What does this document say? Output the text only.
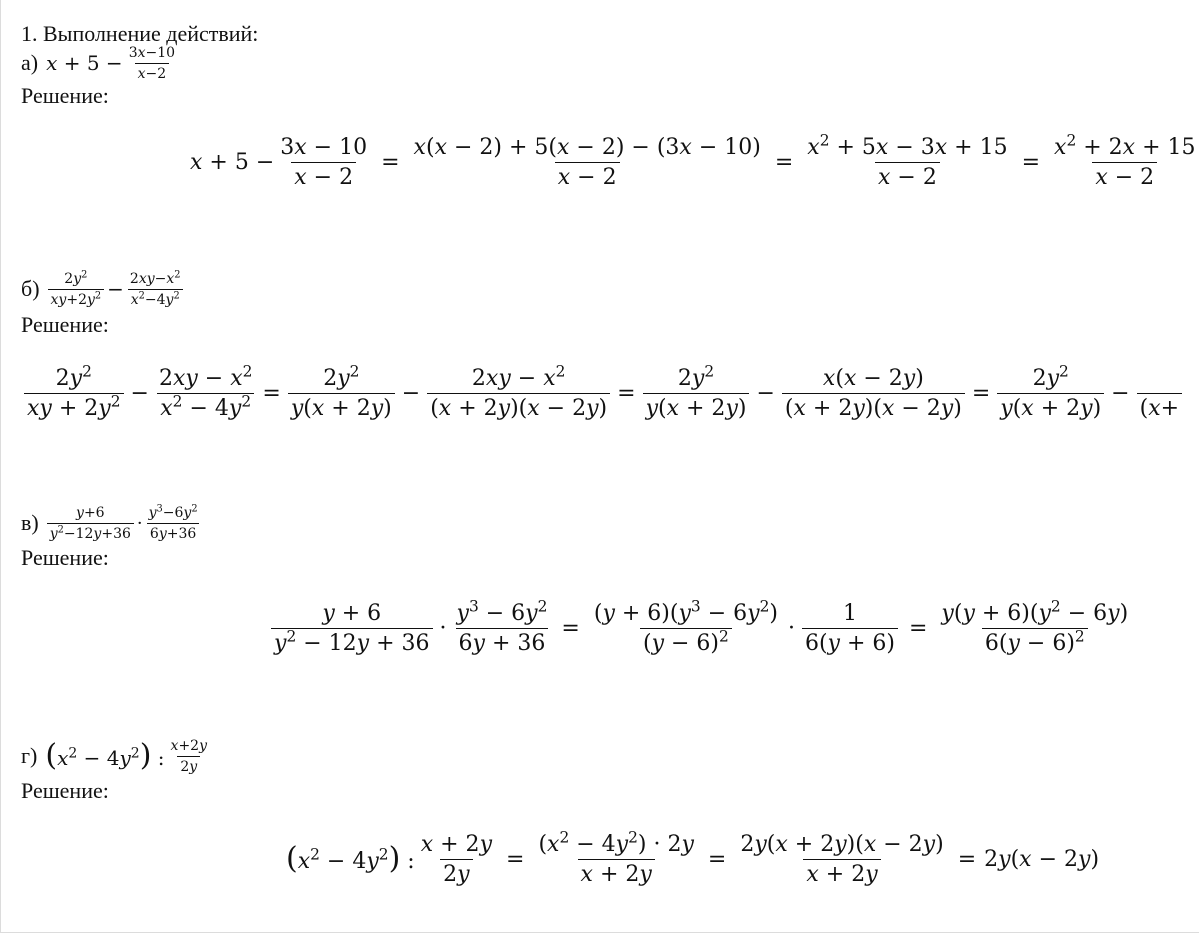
1. Выполнение действий:
а) $x + 5 - \frac{3x-10}{x-2}$
Решение:
$x + 5 - \frac{3x - 10}{x - 2} = \frac{x(x - 2) + 5(x - 2) - (3x - 10)}{x - 2} = \frac{x^2 + 5x - 3x + 15}{x - 2} = \frac{x^2 + 2x + 15}{x - 2}$
$б) \frac{2y^2}{xy+2y^2} - \frac{2xy-x^2}{x^2-4y^2}$
Решение:
$\frac{2y^2}{xy + 2y^2} - \frac{2xy - x^2}{x^2 - 4y^2} = \frac{2y^2}{y(x + 2y)} - \frac{2xy - x^2}{(x + 2y)(x - 2y)} = \frac{2y^2}{y(x + 2y)} - \frac{x(x - 2y)}{(x + 2y)(x - 2y)} = \frac{2y^2}{y(x + 2y)}$ −

(x+
$в) \frac{y+6}{y^2-12y+36} \cdot \frac{y^3-6y^2}{6y+36}$
Решение:
$\frac{y + 6}{y^2 - 12y + 36} \cdot \frac{y^3 - 6y^2}{6y + 36} = \frac{(y + 6)(y^3 - 6y^2)}{(y - 6)^2} \cdot \frac{1}{6(y + 6)} = \frac{y(y + 6)(y^2 - 6y)}{6(y - 6)^2}$
г) $(x^2 - 4y^2)$ : $\frac{x+2y}{2y}$
Решение:
$(x^2 - 4y^2)$ : $\frac{x + 2y}{2y} = \frac{(x^2 - 4y^2) \cdot 2y}{x + 2y} = \frac{2y(x + 2y)(x - 2y)}{x + 2y} = 2y(x - 2y)$
